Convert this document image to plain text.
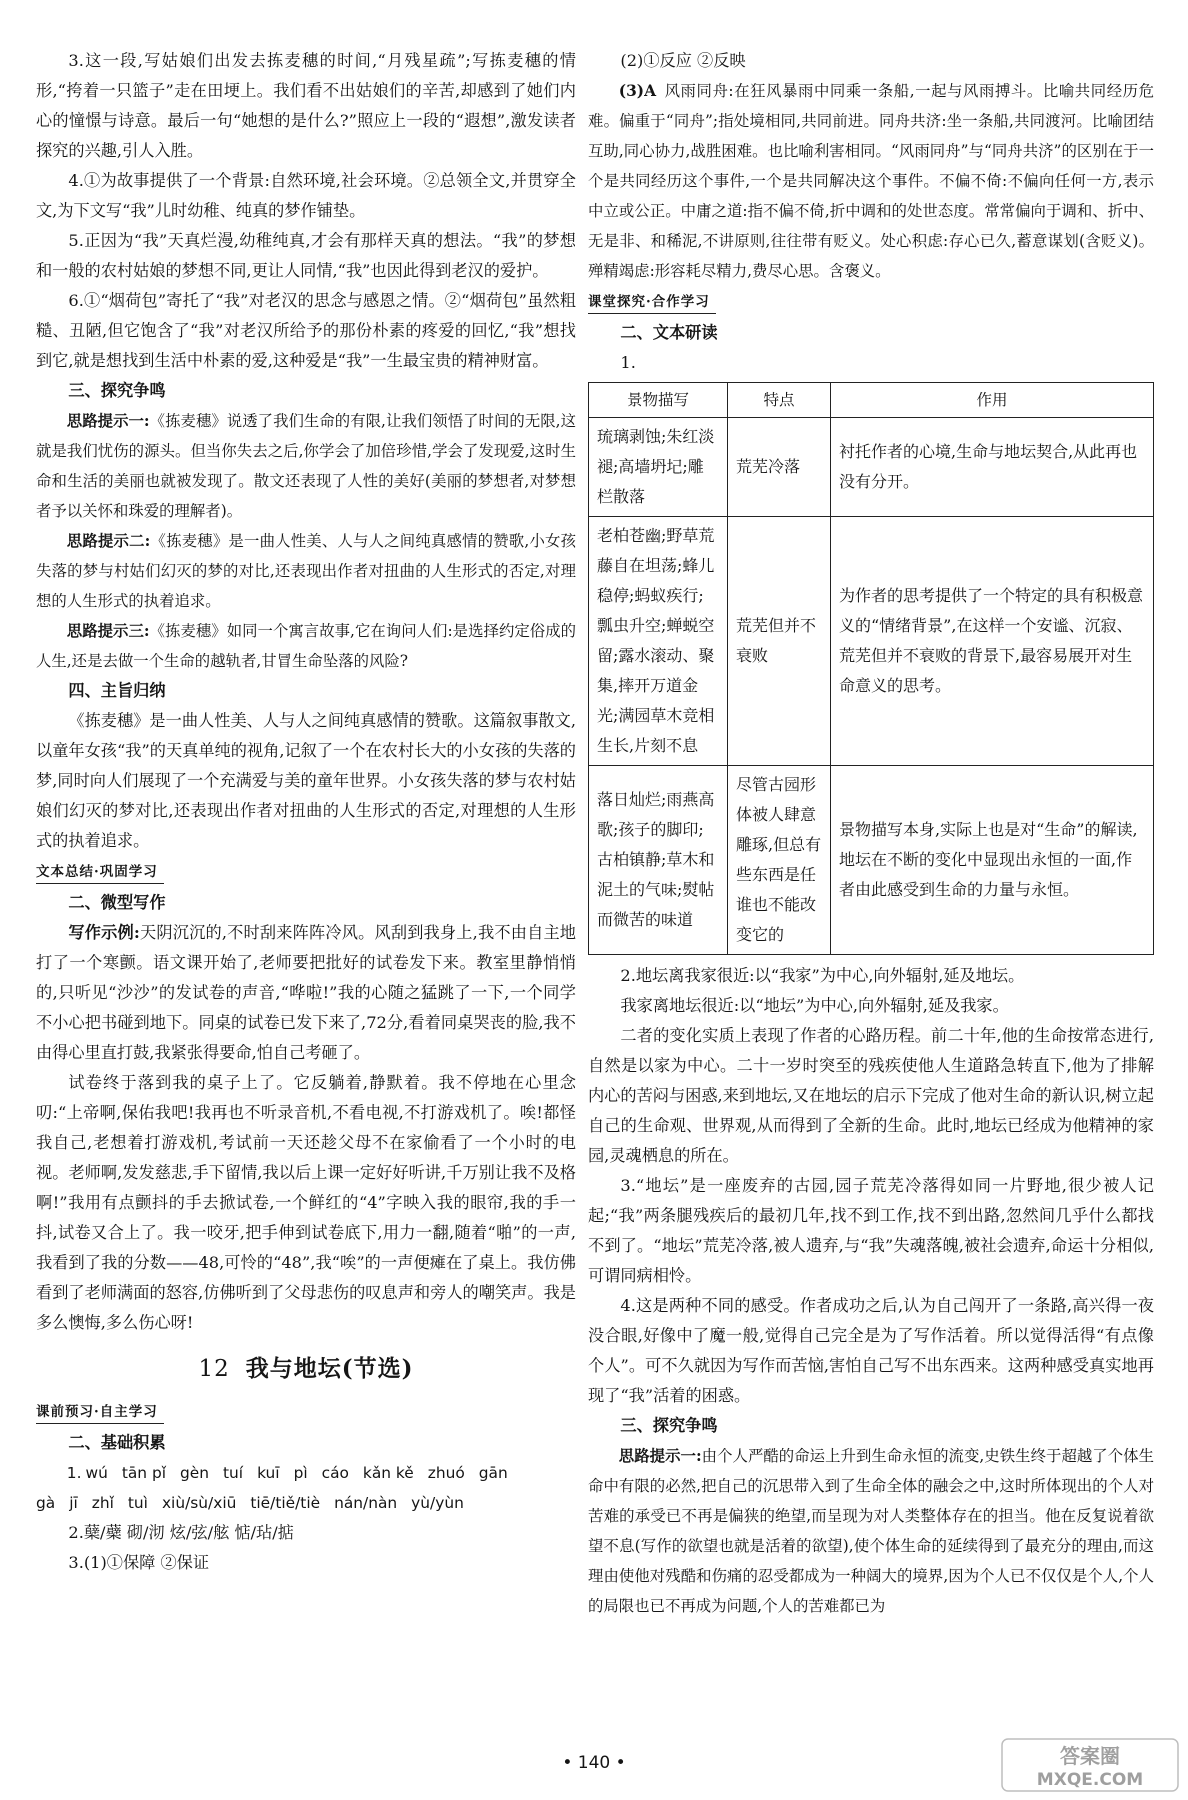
3.这一段,写姑娘们出发去拣麦穗的时间,“月残星疏”;写拣麦穗的情形,“挎着一只篮子”走在田埂上。我们看不出姑娘们的辛苦,却感到了她们内心的憧憬与诗意。最后一句“她想的是什么?”照应上一段的“遐想”,激发读者探究的兴趣,引人入胜。

4.①为故事提供了一个背景:自然环境,社会环境。②总领全文,并贯穿全文,为下文写“我”儿时幼稚、纯真的梦作铺垫。

5.正因为“我”天真烂漫,幼稚纯真,才会有那样天真的想法。“我”的梦想和一般的农村姑娘的梦想不同,更让人同情,“我”也因此得到老汉的爱护。

6.①“烟荷包”寄托了“我”对老汉的思念与感恩之情。②“烟荷包”虽然粗糙、丑陋,但它饱含了“我”对老汉所给予的那份朴素的疼爱的回忆,“我”想找到它,就是想找到生活中朴素的爱,这种爱是“我”一生最宝贵的精神财富。

三、探究争鸣

思路提示一:《拣麦穗》说透了我们生命的有限,让我们领悟了时间的无限,这就是我们忧伤的源头。但当你失去之后,你学会了加倍珍惜,学会了发现爱,这时生命和生活的美丽也就被发现了。散文还表现了人性的美好(美丽的梦想者,对梦想者予以关怀和珠爱的理解者)。

思路提示二:《拣麦穗》是一曲人性美、人与人之间纯真感情的赞歌,小女孩失落的梦与村姑们幻灭的梦的对比,还表现出作者对扭曲的人生形式的否定,对理想的人生形式的执着追求。

思路提示三:《拣麦穗》如同一个寓言故事,它在询问人们:是选择约定俗成的人生,还是去做一个生命的越轨者,甘冒生命坠落的风险?

四、主旨归纳

《拣麦穗》是一曲人性美、人与人之间纯真感情的赞歌。这篇叙事散文,以童年女孩“我”的天真单纯的视角,记叙了一个在农村长大的小女孩的失落的梦,同时向人们展现了一个充满爱与美的童年世界。小女孩失落的梦与农村姑娘们幻灭的梦对比,还表现出作者对扭曲的人生形式的否定,对理想的人生形式的执着追求。

文本总结·巩固学习

二、微型写作

写作示例:天阴沉沉的,不时刮来阵阵冷风。风刮到我身上,我不由自主地打了一个寒颤。语文课开始了,老师要把批好的试卷发下来。教室里静悄悄的,只听见“沙沙”的发试卷的声音,“哗啦!”我的心随之猛跳了一下,一个同学不小心把书碰到地下。同桌的试卷已发下来了,72分,看着同桌哭丧的脸,我不由得心里直打鼓,我紧张得要命,怕自己考砸了。

试卷终于落到我的桌子上了。它反躺着,静默着。我不停地在心里念叨:“上帝啊,保佑我吧!我再也不听录音机,不看电视,不打游戏机了。唉!都怪我自己,老想着打游戏机,考试前一天还趁父母不在家偷看了一个小时的电视。老师啊,发发慈悲,手下留情,我以后上课一定好好听讲,千万别让我不及格啊!”我用有点颤抖的手去掀试卷,一个鲜红的“4”字映入我的眼帘,我的手一抖,试卷又合上了。我一咬牙,把手伸到试卷底下,用力一翻,随着“啪”的一声,我看到了我的分数——48,可怜的“48”,我“唉”的一声便瘫在了桌上。我仿佛看到了老师满面的怒容,仿佛听到了父母悲伤的叹息声和旁人的嘲笑声。我是多么懊悔,多么伤心呀!

12 我与地坛(节选)
课前预习·自主学习

二、基础积累

1. wú tān pǐ gèn tuí kuī pì cáo kǎn kě zhuó gān

gà jī zhǐ tuì xiù/sù/xiū tiē/tiě/tiè nán/nàn yù/yùn

2.蘖/蘗 砌/沏 炫/弦/舷 惦/玷/掂

3.(1)①保障 ②保证

(2)①反应 ②反映

(3)A 风雨同舟:在狂风暴雨中同乘一条船,一起与风雨搏斗。比喻共同经历危难。偏重于“同舟”;指处境相同,共同前进。同舟共济:坐一条船,共同渡河。比喻团结互助,同心协力,战胜困难。也比喻利害相同。“风雨同舟”与“同舟共济”的区别在于一个是共同经历这个事件,一个是共同解决这个事件。不偏不倚:不偏向任何一方,表示中立或公正。中庸之道:指不偏不倚,折中调和的处世态度。常常偏向于调和、折中、无是非、和稀泥,不讲原则,往往带有贬义。处心积虑:存心已久,蓄意谋划(含贬义)。殚精竭虑:形容耗尽精力,费尽心思。含褒义。

课堂探究·合作学习

二、文本研读

1.

景物描写	特点	作用
琉璃剥蚀;朱红淡褪;高墙坍圮;雕栏散落	荒芜冷落	衬托作者的心境,生命与地坛契合,从此再也没有分开。
老柏苍幽;野草荒藤自在坦荡;蜂儿稳停;蚂蚁疾行;瓢虫升空;蝉蜕空留;露水滚动、聚集,摔开万道金光;满园草木竞相生长,片刻不息	荒芜但并不衰败	为作者的思考提供了一个特定的具有积极意义的“情绪背景”,在这样一个安谧、沉寂、荒芜但并不衰败的背景下,最容易展开对生命意义的思考。
落日灿烂;雨燕高歌;孩子的脚印;古柏镇静;草木和泥土的气味;熨帖而微苦的味道	尽管古园形体被人肆意雕琢,但总有些东西是任谁也不能改变它的	景物描写本身,实际上也是对“生命”的解读,地坛在不断的变化中显现出永恒的一面,作者由此感受到生命的力量与永恒。

2.地坛离我家很近:以“我家”为中心,向外辐射,延及地坛。

我家离地坛很近:以“地坛”为中心,向外辐射,延及我家。

二者的变化实质上表现了作者的心路历程。前二十年,他的生命按常态进行,自然是以家为中心。二十一岁时突至的残疾使他人生道路急转直下,他为了排解内心的苦闷与困惑,来到地坛,又在地坛的启示下完成了他对生命的新认识,树立起自己的生命观、世界观,从而得到了全新的生命。此时,地坛已经成为他精神的家园,灵魂栖息的所在。

3.“地坛”是一座废弃的古园,园子荒芜冷落得如同一片野地,很少被人记起;“我”两条腿残疾后的最初几年,找不到工作,找不到出路,忽然间几乎什么都找不到了。“地坛”荒芜冷落,被人遗弃,与“我”失魂落魄,被社会遗弃,命运十分相似,可谓同病相怜。

4.这是两种不同的感受。作者成功之后,认为自己闯开了一条路,高兴得一夜没合眼,好像中了魔一般,觉得自己完全是为了写作活着。所以觉得活得“有点像个人”。可不久就因为写作而苦恼,害怕自己写不出东西来。这两种感受真实地再现了“我”活着的困惑。

三、探究争鸣

思路提示一:由个人严酷的命运上升到生命永恒的流变,史铁生终于超越了个体生命中有限的必然,把自己的沉思带入到了生命全体的融会之中,这时所体现出的个人对苦难的承受已不再是偏狭的绝望,而呈现为对人类整体存在的担当。他在反复说着欲望不息(写作的欲望也就是活着的欲望),使个体生命的延续得到了最充分的理由,而这理由使他对残酷和伤痛的忍受都成为一种阔大的境界,因为个人已不仅仅是个人,个人的局限也已不再成为问题,个人的苦难都已为

• 140 •	答案圈
MXQE.COM
